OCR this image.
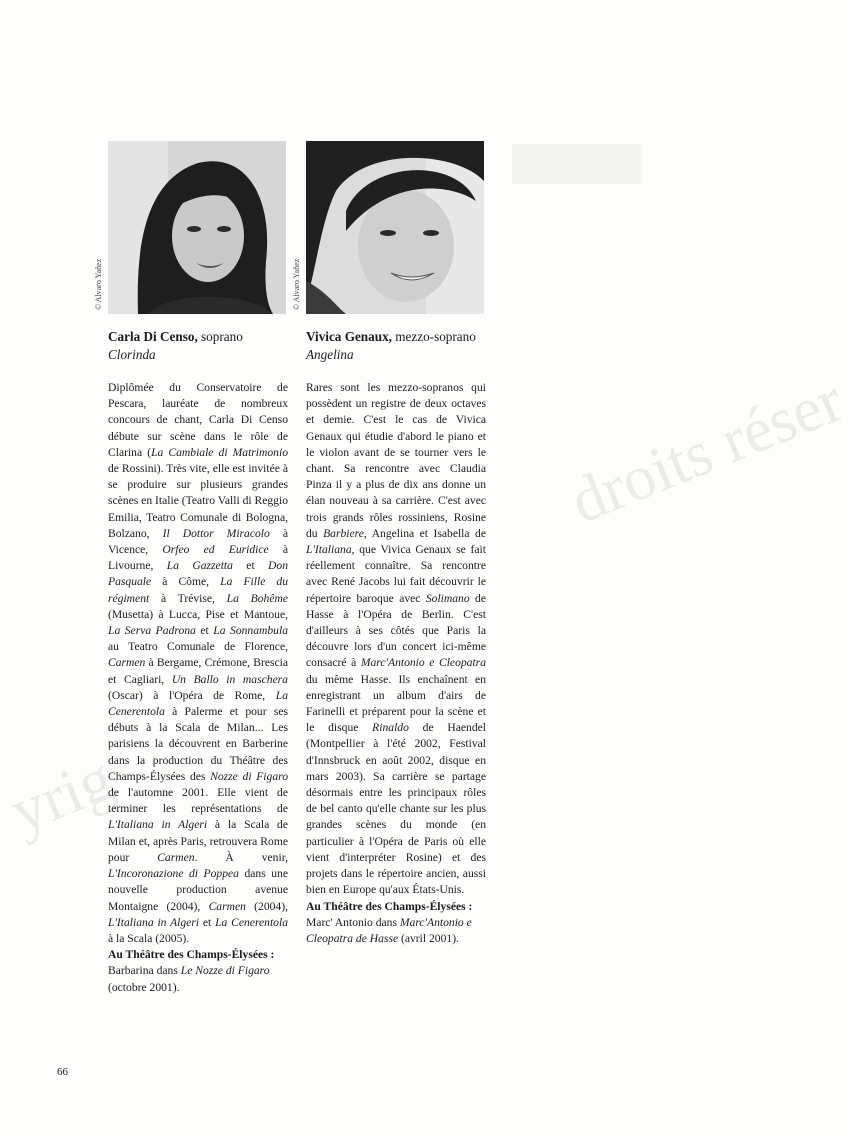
yrig
droits réser
© Alvaro Yañez
Carla Di Censo, soprano
Clorinda
Diplômée du Conservatoire de Pescara, lauréate de nombreux concours de chant, Carla Di Censo débute sur scène dans le rôle de Clarina (La Cambiale di Matrimonio de Rossini). Très vite, elle est invitée à se produire sur plusieurs grandes scènes en Italie (Teatro Valli di Reggio Emilia, Teatro Comunale di Bologna, Bolzano, Il Dottor Miracolo à Vicence, Orfeo ed Euridice à Livourne, La Gazzetta et Don Pasquale à Côme, La Fille du régiment à Trévise, La Bohême (Musetta) à Lucca, Pise et Mantoue, La Serva Padrona et La Sonnambula au Teatro Comunale de Florence, Carmen à Bergame, Crémone, Brescia et Cagliari, Un Ballo in maschera (Oscar) à l'Opéra de Rome, La Cenerentola à Palerme et pour ses débuts à la Scala de Milan... Les parisiens la découvrent en Barberine dans la production du Théâtre des Champs-Élysées des Nozze di Figaro de l'automne 2001. Elle vient de terminer les représentations de L'Italiana in Algeri à la Scala de Milan et, après Paris, retrouvera Rome pour Carmen. À venir, L'Incoronazione di Poppea dans une nouvelle production avenue Montaigne (2004), Carmen (2004), L'Italiana in Algeri et La Cenerentola à la Scala (2005).
Au Théâtre des Champs-Élysées :
Barbarina dans Le Nozze di Figaro (octobre 2001).
© Alvaro Yañez
Vivica Genaux, mezzo-soprano
Angelina
Rares sont les mezzo-sopranos qui possèdent un registre de deux octaves et demie. C'est le cas de Vivica Genaux qui étudie d'abord le piano et le violon avant de se tourner vers le chant. Sa rencontre avec Claudia Pinza il y a plus de dix ans donne un élan nouveau à sa carrière. C'est avec trois grands rôles rossiniens, Rosine du Barbiere, Angelina et Isabella de L'Italiana, que Vivica Genaux se fait réellement connaître. Sa rencontre avec René Jacobs lui fait découvrir le répertoire baroque avec Solimano de Hasse à l'Opéra de Berlin. C'est d'ailleurs à ses côtés que Paris la découvre lors d'un concert ici-même consacré à Marc'Antonio e Cleopatra du même Hasse. Ils enchaînent en enregistrant un album d'airs de Farinelli et préparent pour la scène et le disque Rinaldo de Haendel (Montpellier à l'été 2002, Festival d'Innsbruck en août 2002, disque en mars 2003). Sa carrière se partage désormais entre les principaux rôles de bel canto qu'elle chante sur les plus grandes scènes du monde (en particulier à l'Opéra de Paris où elle vient d'interpréter Rosine) et des projets dans le répertoire ancien, aussi bien en Europe qu'aux États-Unis.
Au Théâtre des Champs-Élysées :
Marc' Antonio dans Marc'Antonio e Cleopatra de Hasse (avril 2001).
66
